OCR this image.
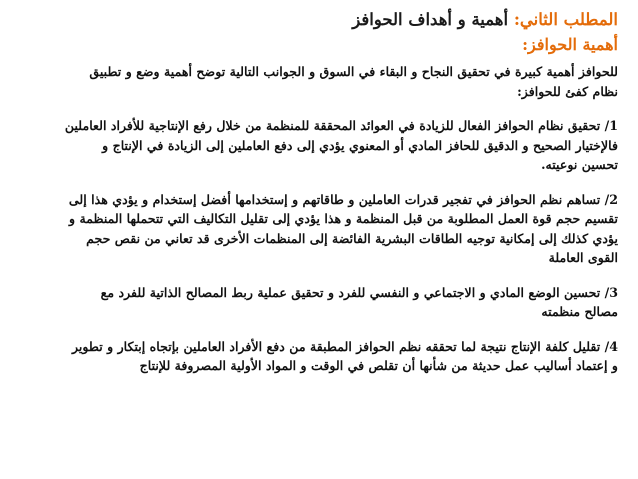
المطلب الثاني: أهمية و أهداف الحوافز
أهمية الحوافز:

للحوافز أهمية كبيرة في تحقيق النجاح و البقاء في السوق و الجوانب التالية توضح أهمية وضع و تطبيق
نظام كفئ للحوافز:

1/ تحقيق نظام الحوافز الفعال للزيادة في العوائد المحققة للمنظمة من خلال رفع الإنتاجية للأفراد العاملين
فالإختيار الصحيح و الدقيق للحافز المادي أو المعنوي يؤدي إلى دفع العاملين إلى الزيادة في الإنتاج و
تحسين نوعيته.

2/ تساهم نظم الحوافز في تفجير قدرات العاملين و طاقاتهم و إستخدامها أفضل إستخدام و يؤدي هذا إلى
تقسيم حجم قوة العمل المطلوبة من قبل المنظمة و هذا يؤدي إلى تقليل التكاليف التي تتحملها المنظمة و
يؤدي كذلك إلى إمكانية توجيه الطاقات البشرية الفائضة إلى المنظمات الأخرى قد تعاني من نقص حجم
القوى العاملة

3/ تحسين الوضع المادي و الاجتماعي و النفسي للفرد و تحقيق عملية ربط المصالح الذاتية للفرد مع
مصالح منظمته

4/ تقليل كلفة الإنتاج نتيجة لما تحققه نظم الحوافز المطبقة من دفع الأفراد العاملين بإتجاه إبتكار و تطوير
و إعتماد أساليب عمل حديثة من شأنها أن تقلص في الوقت و المواد الأولية المصروفة للإنتاج
